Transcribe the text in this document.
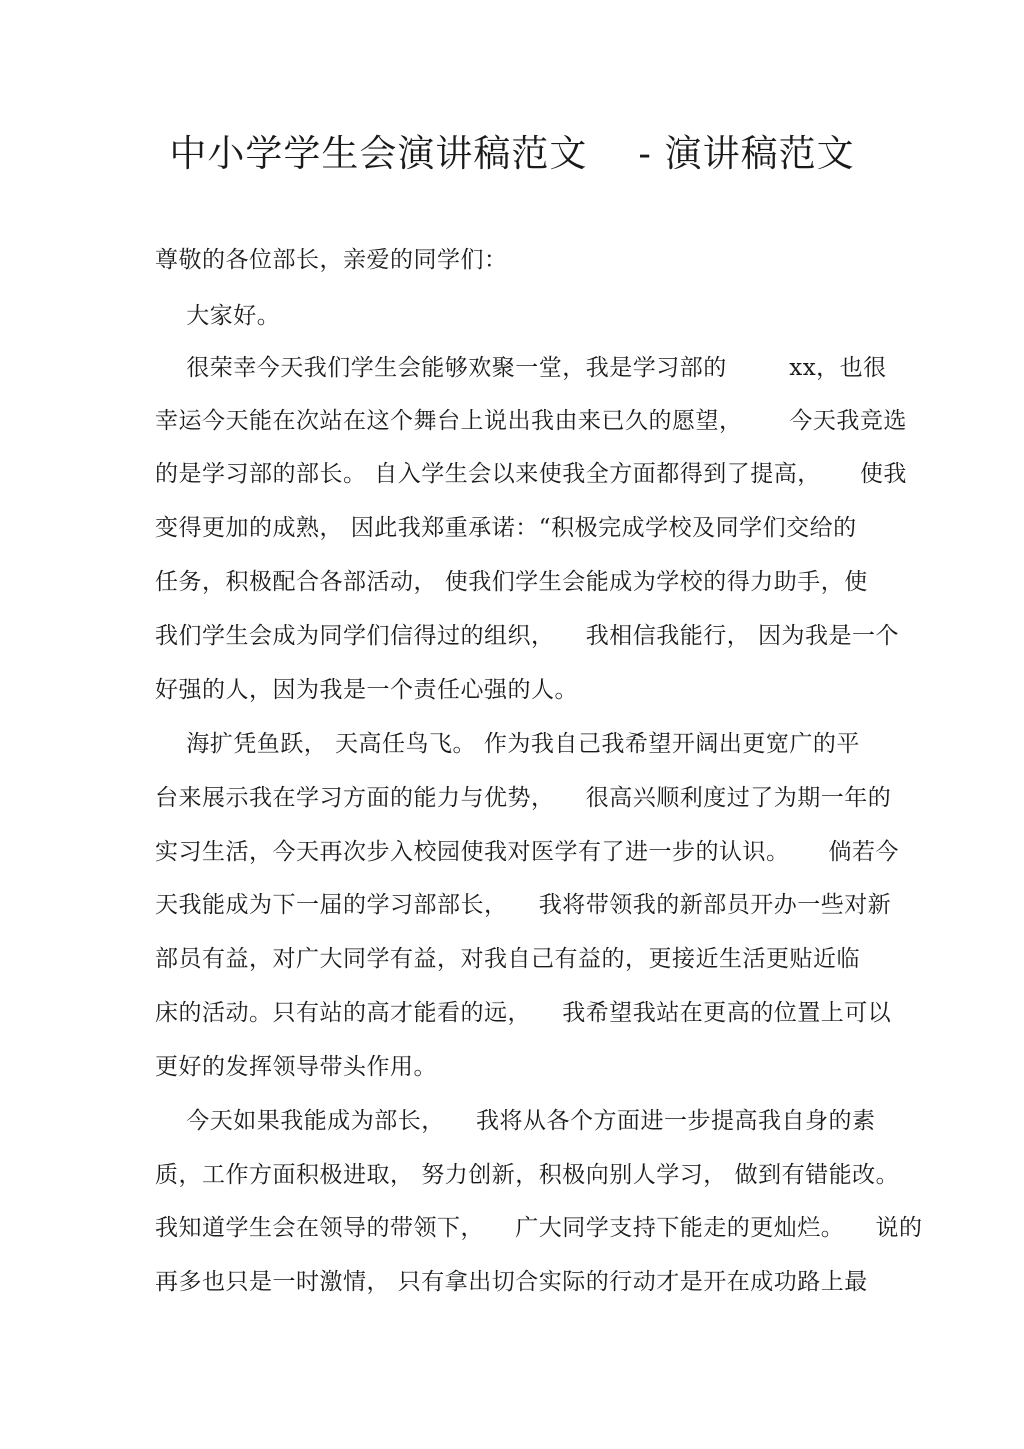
中小学学生会演讲稿范文    - 演讲稿范文
尊敬的各位部长，亲爱的同学们：
大家好。
很荣幸今天我们学生会能够欢聚一堂，我是学习部的        xx，也很
幸运今天能在次站在这个舞台上说出我由来已久的愿望，      今天我竞选
的是学习部的部长。 自入学生会以来使我全方面都得到了提高，     使我
变得更加的成熟， 因此我郑重承诺：“积极完成学校及同学们交给的
任务，积极配合各部活动， 使我们学生会能成为学校的得力助手，使
我们学生会成为同学们信得过的组织，    我相信我能行， 因为我是一个
好强的人，因为我是一个责任心强的人。
海扩凭鱼跃， 天高任鸟飞。 作为我自己我希望开阔出更宽广的平
台来展示我在学习方面的能力与优势，    很高兴顺利度过了为期一年的
实习生活，今天再次步入校园使我对医学有了进一步的认识。     倘若今
天我能成为下一届的学习部部长，    我将带领我的新部员开办一些对新
部员有益，对广大同学有益，对我自己有益的，更接近生活更贴近临
床的活动。只有站的高才能看的远，    我希望我站在更高的位置上可以
更好的发挥领导带头作用。
今天如果我能成为部长，    我将从各个方面进一步提高我自身的素
质，工作方面积极进取， 努力创新，积极向别人学习， 做到有错能改。
我知道学生会在领导的带领下，    广大同学支持下能走的更灿烂。    说的
再多也只是一时激情， 只有拿出切合实际的行动才是开在成功路上最
